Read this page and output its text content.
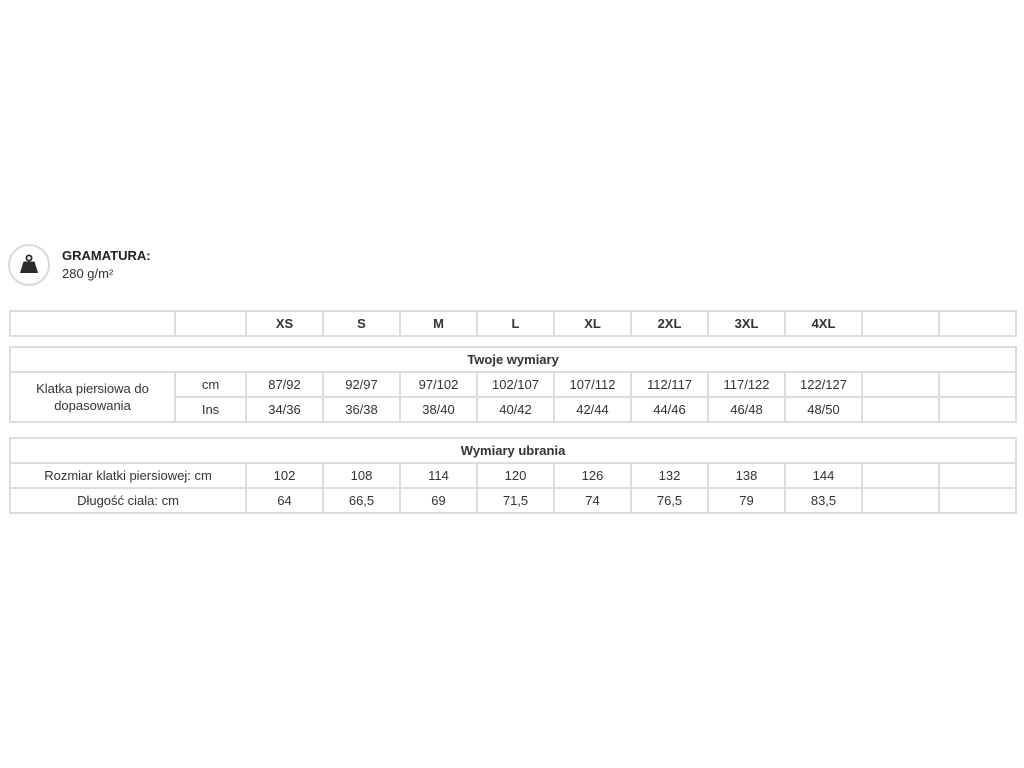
GRAMATURA:
280 g/m²
		XS	S	M	L	XL	2XL	3XL	4XL		
Twoje wymiary											
Klatka piersiowa do dopasowania	cm	87/92	92/97	97/102	102/107	107/112	112/117	117/122	122/127		
	Ins	34/36	36/38	38/40	40/42	42/44	44/46	46/48	48/50		
Wymiary ubrania										
Rozmiar klatki piersiowej: cm	102	108	114	120	126	132	138	144		
Długość ciala: cm	64	66,5	69	71,5	74	76,5	79	83,5		
